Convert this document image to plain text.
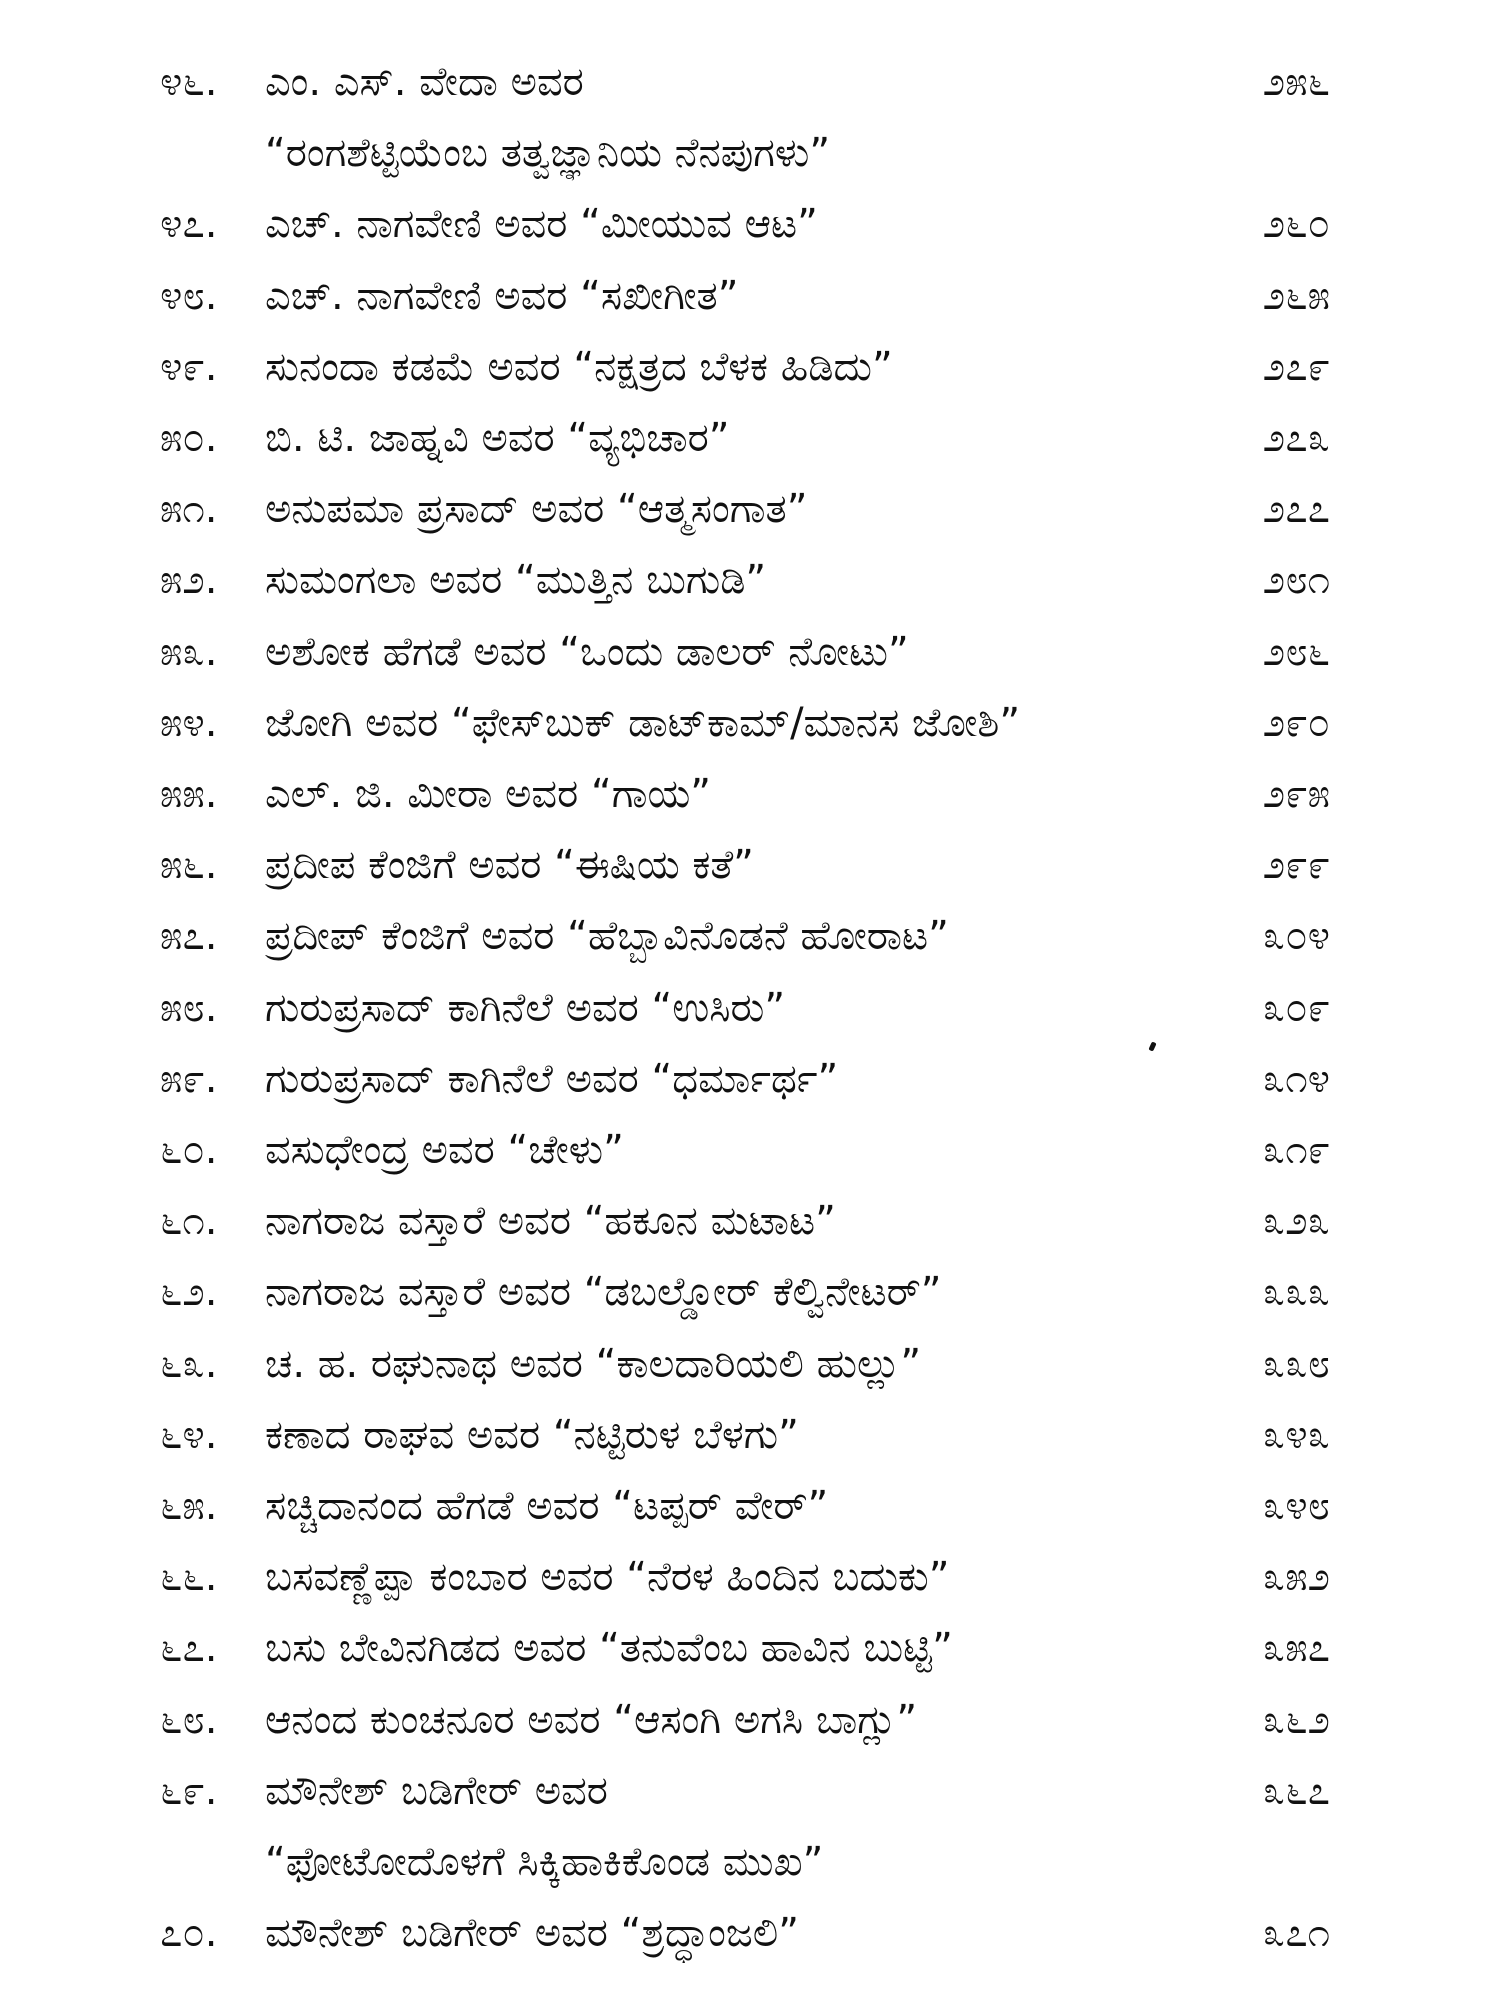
೪೬.	ಎಂ. ಎಸ್. ವೇದಾ ಅವರ	೨೫೬
“ರಂಗಶೆಟ್ಟಿಯೆಂಬ ತತ್ವಜ್ಞಾನಿಯ ನೆನಪುಗಳು”
೪೭.	ಎಚ್. ನಾಗವೇಣಿ ಅವರ “ಮೀಯುವ ಆಟ”	೨೬೦
೪೮.	ಎಚ್. ನಾಗವೇಣಿ ಅವರ “ಸಖೀಗೀತ”	೨೬೫
೪೯.	ಸುನಂದಾ ಕಡಮೆ ಅವರ “ನಕ್ಷತ್ರದ ಬೆಳಕ ಹಿಡಿದು”	೨೭೯
೫೦.	ಬಿ. ಟಿ. ಜಾಹ್ನವಿ ಅವರ “ವ್ಯಭಿಚಾರ”	೨೭೩
೫೧.	ಅನುಪಮಾ ಪ್ರಸಾದ್ ಅವರ “ಆತ್ಮಸಂಗಾತ”	೨೭೭
೫೨.	ಸುಮಂಗಲಾ ಅವರ “ಮುತ್ತಿನ ಬುಗುಡಿ”	೨೮೧
೫೩.	ಅಶೋಕ ಹೆಗಡೆ ಅವರ “ಒಂದು ಡಾಲರ್ ನೋಟು”	೨೮೬
೫೪.	ಜೋಗಿ ಅವರ “ಫೇಸ್‌ಬುಕ್ ಡಾಟ್‌ಕಾಮ್/ಮಾನಸ ಜೋಶಿ”	೨೯೦
೫೫.	ಎಲ್. ಜಿ. ಮೀರಾ ಅವರ “ಗಾಯ”	೨೯೫
೫೬.	ಪ್ರದೀಪ ಕೆಂಜಿಗೆ ಅವರ “ಈಷಿಯ ಕತೆ”	೨೯೯
೫೭.	ಪ್ರದೀಪ್ ಕೆಂಜಿಗೆ ಅವರ “ಹೆಬ್ಬಾವಿನೊಡನೆ ಹೋರಾಟ”	೩೦೪
೫೮.	ಗುರುಪ್ರಸಾದ್ ಕಾಗಿನೆಲೆ ಅವರ “ಉಸಿರು”	೩೦೯
೫೯.	ಗುರುಪ್ರಸಾದ್ ಕಾಗಿನೆಲೆ ಅವರ “ಧರ್ಮಾರ್ಥ”	೩೧೪
೬೦.	ವಸುಧೇಂದ್ರ ಅವರ “ಚೇಳು”	೩೧೯
೬೧.	ನಾಗರಾಜ ವಸ್ತಾರೆ ಅವರ “ಹಕೂನ ಮಟಾಟ”	೩೨೩
೬೨.	ನಾಗರಾಜ ವಸ್ತಾರೆ ಅವರ “ಡಬಲ್ಡೋರ್ ಕೆಲ್ವಿನೇಟರ್”	೩೩೩
೬೩.	ಚ. ಹ. ರಘುನಾಥ ಅವರ “ಕಾಲದಾರಿಯಲಿ ಹುಲ್ಲು”	೩೩೮
೬೪.	ಕಣಾದ ರಾಘವ ಅವರ “ನಟ್ಟಿರುಳ ಬೆಳಗು”	೩೪೩
೬೫.	ಸಚ್ಚಿದಾನಂದ ಹೆಗಡೆ ಅವರ “ಟಪ್ಪರ್ ವೇರ್”	೩೪೮
೬೬.	ಬಸವಣ್ಣೆಪ್ಪಾ ಕಂಬಾರ ಅವರ “ನೆರಳ ಹಿಂದಿನ ಬದುಕು”	೩೫೨
೬೭.	ಬಸು ಬೇವಿನಗಿಡದ ಅವರ “ತನುವೆಂಬ ಹಾವಿನ ಬುಟ್ಟಿ”	೩೫೭
೬೮.	ಆನಂದ ಕುಂಚನೂರ ಅವರ “ಆಸಂಗಿ ಅಗಸಿ ಬಾಗ್ಲು”	೩೬೨
೬೯.	ಮೌನೇಶ್ ಬಡಿಗೇರ್ ಅವರ	೩೬೭
“ಫೋಟೋದೊಳಗೆ ಸಿಕ್ಕಿಹಾಕಿಕೊಂಡ ಮುಖ”
೭೦.	ಮೌನೇಶ್ ಬಡಿಗೇರ್ ಅವರ “ಶ್ರದ್ಧಾಂಜಲಿ”	೩೭೧
